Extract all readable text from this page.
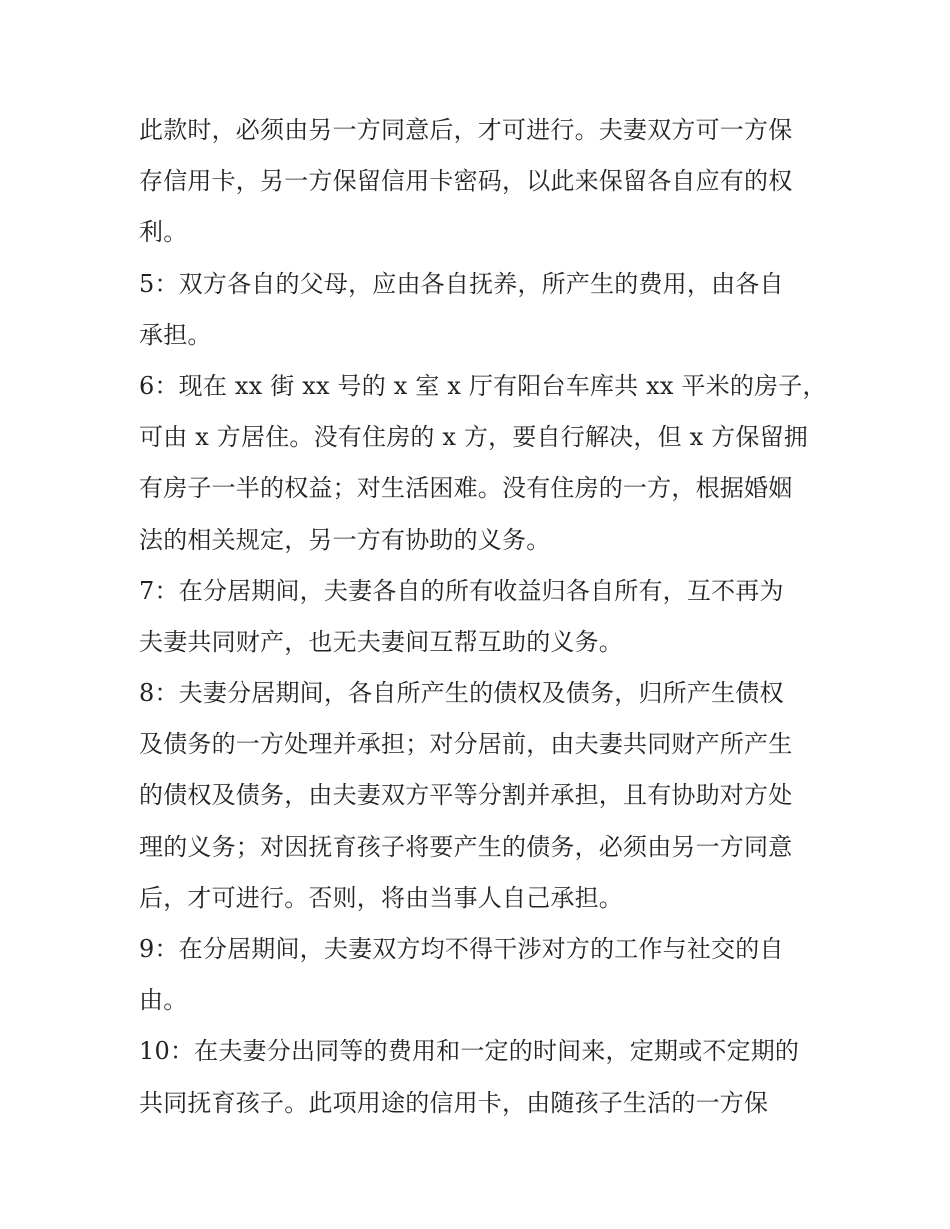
此款时，必须由另一方同意后，才可进行。夫妻双方可一方保
存信用卡，另一方保留信用卡密码，以此来保留各自应有的权
利。
5：双方各自的父母，应由各自抚养，所产生的费用，由各自
承担。
6：现在 xx 街 xx 号的 x 室 x 厅有阳台车库共 xx 平米的房子，
可由 x 方居住。没有住房的 x 方，要自行解决，但 x 方保留拥
有房子一半的权益；对生活困难。没有住房的一方，根据婚姻
法的相关规定，另一方有协助的义务。
7：在分居期间，夫妻各自的所有收益归各自所有，互不再为
夫妻共同财产，也无夫妻间互帮互助的义务。
8：夫妻分居期间，各自所产生的债权及债务，归所产生债权
及债务的一方处理并承担；对分居前，由夫妻共同财产所产生
的债权及债务，由夫妻双方平等分割并承担，且有协助对方处
理的义务；对因抚育孩子将要产生的债务，必须由另一方同意
后，才可进行。否则，将由当事人自己承担。
9：在分居期间，夫妻双方均不得干涉对方的工作与社交的自
由。
10：在夫妻分出同等的费用和一定的时间来，定期或不定期的
共同抚育孩子。此项用途的信用卡，由随孩子生活的一方保
